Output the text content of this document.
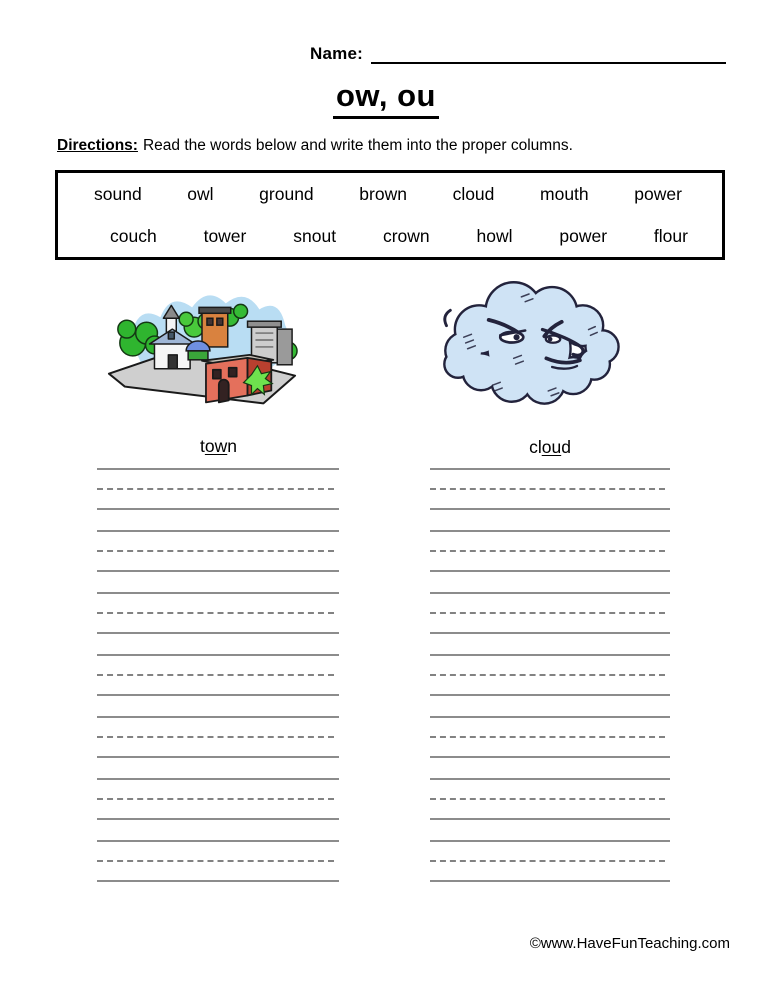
Name:
ow, ou
Directions: Read the words below and write them into the proper columns.
sound	owl	ground	brown	cloud	mouth	power
couch	tower	snout	crown	howl	power	flour
town	cloud
©www.HaveFunTeaching.com
